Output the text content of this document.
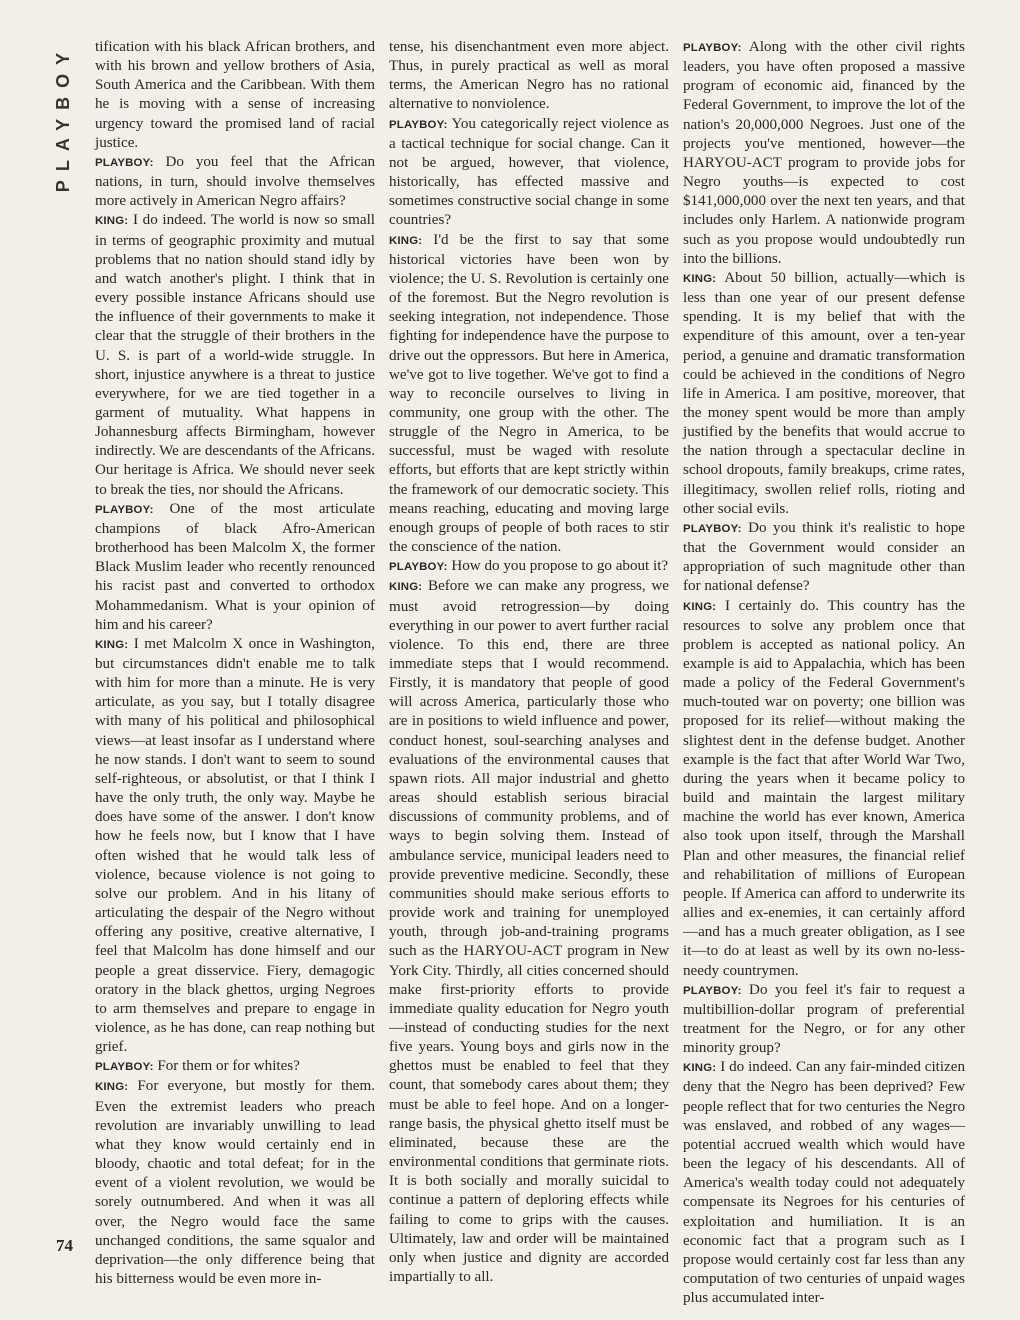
PLAYBOY tification with his black African brothers, and with his brown and yellow brothers of Asia, South America and the Caribbean. With them he is moving with a sense of increasing urgency toward the promised land of racial justice.

PLAYBOY: Do you feel that the African nations, in turn, should involve themselves more actively in American Negro affairs?

KING: I do indeed. The world is now so small in terms of geographic proximity and mutual problems that no nation should stand idly by and watch another's plight. I think that in every possible instance Africans should use the influence of their governments to make it clear that the struggle of their brothers in the U. S. is part of a world-wide struggle. In short, injustice anywhere is a threat to justice everywhere, for we are tied together in a garment of mutuality. What happens in Johannesburg affects Birmingham, however indirectly. We are descendants of the Africans. Our heritage is Africa. We should never seek to break the ties, nor should the Africans.

PLAYBOY: One of the most articulate champions of black Afro-American brotherhood has been Malcolm X, the former Black Muslim leader who recently renounced his racist past and converted to orthodox Mohammedanism. What is your opinion of him and his career?

KING: I met Malcolm X once in Washington, but circumstances didn't enable me to talk with him for more than a minute. He is very articulate, as you say, but I totally disagree with many of his political and philosophical views—at least insofar as I understand where he now stands. I don't want to seem to sound self-righteous, or absolutist, or that I think I have the only truth, the only way. Maybe he does have some of the answer. I don't know how he feels now, but I know that I have often wished that he would talk less of violence, because violence is not going to solve our problem. And in his litany of articulating the despair of the Negro without offering any positive, creative alternative, I feel that Malcolm has done himself and our people a great disservice. Fiery, demagogic oratory in the black ghettos, urging Negroes to arm themselves and prepare to engage in violence, as he has done, can reap nothing but grief.

PLAYBOY: For them or for whites?

KING: For everyone, but mostly for them. Even the extremist leaders who preach revolution are invariably unwilling to lead what they know would certainly end in bloody, chaotic and total defeat; for in the event of a violent revolution, we would be sorely outnumbered. And when it was all over, the Negro would face the same unchanged conditions, the same squalor and deprivation—the only difference being that his bitterness would be even more in-

tense, his disenchantment even more abject. Thus, in purely practical as well as moral terms, the American Negro has no rational alternative to nonviolence.

PLAYBOY: You categorically reject violence as a tactical technique for social change. Can it not be argued, however, that violence, historically, has effected massive and sometimes constructive social change in some countries?

KING: I'd be the first to say that some historical victories have been won by violence; the U. S. Revolution is certainly one of the foremost. But the Negro revolution is seeking integration, not independence. Those fighting for independence have the purpose to drive out the oppressors. But here in America, we've got to live together. We've got to find a way to reconcile ourselves to living in community, one group with the other. The struggle of the Negro in America, to be successful, must be waged with resolute efforts, but efforts that are kept strictly within the framework of our democratic society. This means reaching, educating and moving large enough groups of people of both races to stir the conscience of the nation.

PLAYBOY: How do you propose to go about it?

KING: Before we can make any progress, we must avoid retrogression—by doing everything in our power to avert further racial violence. To this end, there are three immediate steps that I would recommend. Firstly, it is mandatory that people of good will across America, particularly those who are in positions to wield influence and power, conduct honest, soul-searching analyses and evaluations of the environmental causes that spawn riots. All major industrial and ghetto areas should establish serious biracial discussions of community problems, and of ways to begin solving them. Instead of ambulance service, municipal leaders need to provide preventive medicine. Secondly, these communities should make serious efforts to provide work and training for unemployed youth, through job-and-training programs such as the HARYOU-ACT program in New York City. Thirdly, all cities concerned should make first-priority efforts to provide immediate quality education for Negro youth—instead of conducting studies for the next five years. Young boys and girls now in the ghettos must be enabled to feel that they count, that somebody cares about them; they must be able to feel hope. And on a longer-range basis, the physical ghetto itself must be eliminated, because these are the environmental conditions that germinate riots. It is both socially and morally suicidal to continue a pattern of deploring effects while failing to come to grips with the causes. Ultimately, law and order will be maintained only when justice and dignity are accorded impartially to all.

PLAYBOY: Along with the other civil rights leaders, you have often proposed a massive program of economic aid, financed by the Federal Government, to improve the lot of the nation's 20,000,000 Negroes. Just one of the projects you've mentioned, however—the HARYOU-ACT program to provide jobs for Negro youths—is expected to cost $141,000,000 over the next ten years, and that includes only Harlem. A nationwide program such as you propose would undoubtedly run into the billions.

KING: About 50 billion, actually—which is less than one year of our present defense spending. It is my belief that with the expenditure of this amount, over a ten-year period, a genuine and dramatic transformation could be achieved in the conditions of Negro life in America. I am positive, moreover, that the money spent would be more than amply justified by the benefits that would accrue to the nation through a spectacular decline in school dropouts, family breakups, crime rates, illegitimacy, swollen relief rolls, rioting and other social evils.

PLAYBOY: Do you think it's realistic to hope that the Government would consider an appropriation of such magnitude other than for national defense?

KING: I certainly do. This country has the resources to solve any problem once that problem is accepted as national policy. An example is aid to Appalachia, which has been made a policy of the Federal Government's much-touted war on poverty; one billion was proposed for its relief—without making the slightest dent in the defense budget. Another example is the fact that after World War Two, during the years when it became policy to build and maintain the largest military machine the world has ever known, America also took upon itself, through the Marshall Plan and other measures, the financial relief and rehabilitation of millions of European people. If America can afford to underwrite its allies and ex-enemies, it can certainly afford—and has a much greater obligation, as I see it—to do at least as well by its own no-less-needy countrymen.

PLAYBOY: Do you feel it's fair to request a multibillion-dollar program of preferential treatment for the Negro, or for any other minority group?

KING: I do indeed. Can any fair-minded citizen deny that the Negro has been deprived? Few people reflect that for two centuries the Negro was enslaved, and robbed of any wages—potential accrued wealth which would have been the legacy of his descendants. All of America's wealth today could not adequately compensate its Negroes for his centuries of exploitation and humiliation. It is an economic fact that a program such as I propose would certainly cost far less than any computation of two centuries of unpaid wages plus accumulated inter-

74
